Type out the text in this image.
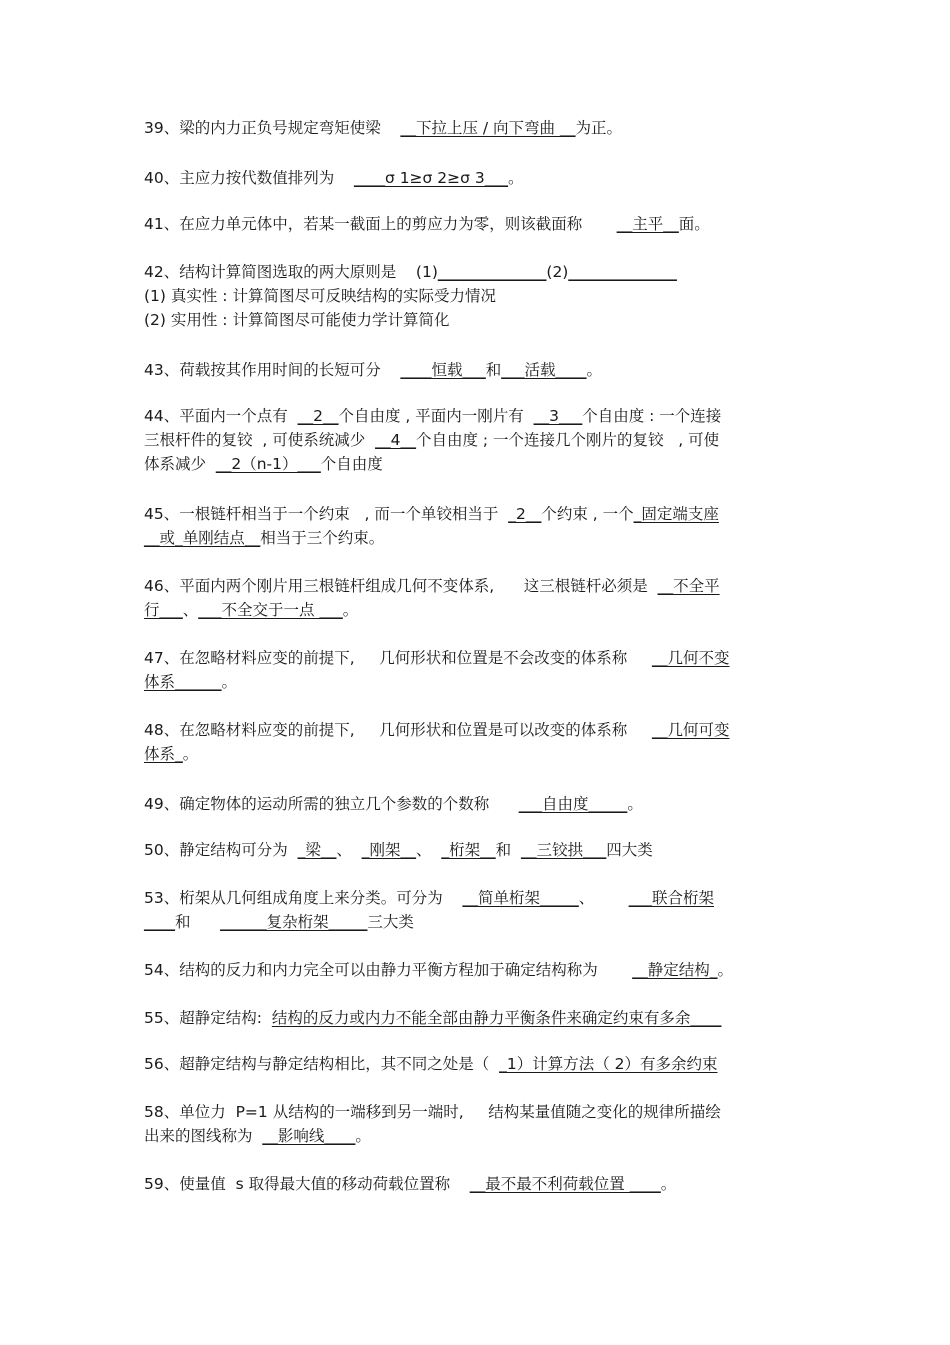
39、梁的内力正负号规定弯矩使梁    __下拉上压 / 向下弯曲 __为正。
40、主应力按代数值排列为    ____σ 1≥σ 2≥σ 3___。
41、在应力单元体中，若某一截面上的剪应力为零，则该截面称       __主平__面。
42、结构计算简图选取的两大原则是    (1)______________(2)______________
(1) 真实性 : 计算简图尽可反映结构的实际受力情况
(2) 实用性 : 计算简图尽可能使力学计算简化
43、荷载按其作用时间的长短可分    ____恒载___和___活载____。
44、平面内一个点有  __2__个自由度 , 平面内一刚片有  __3___个自由度 : 一个连接
三根杆件的复铰  , 可使系统减少  __4__个自由度 ; 一个连接几个刚片的复铰   , 可使
体系减少  __2（n-1）___个自由度
45、一根链杆相当于一个约束   , 而一个单铰相当于  _2__个约束 , 一个_固定端支座
__或_单刚结点__相当于三个约束。
46、平面内两个刚片用三根链杆组成几何不变体系,      这三根链杆必须是  __不全平
行___、___不全交于一点 ___。
47、在忽略材料应变的前提下,     几何形状和位置是不会改变的体系称     __几何不变
体系______。
48、在忽略材料应变的前提下,     几何形状和位置是可以改变的体系称     __几何可变
体系_。
49、确定物体的运动所需的独立几个参数的个数称      ___自由度_____。
50、静定结构可分为  _梁__、  _刚架__、  _桁架__和  __三铰拱___四大类
53、桁架从几何组成角度上来分类。可分为    __简单桁架_____、       ___联合桁架
____和      ______复杂桁架_____三大类
54、结构的反力和内力完全可以由静力平衡方程加于确定结构称为       __静定结构_。
55、超静定结构:  结构的反力或内力不能全部由静力平衡条件来确定约束有多余____
56、超静定结构与静定结构相比，其不同之处是（  _1）计算方法（ 2）有多余约束
58、单位力  P=1 从结构的一端移到另一端时,     结构某量值随之变化的规律所描绘
出来的图线称为  __影响线____。
59、使量值  s 取得最大值的移动荷载位置称    __最不最不利荷载位置 ____。
